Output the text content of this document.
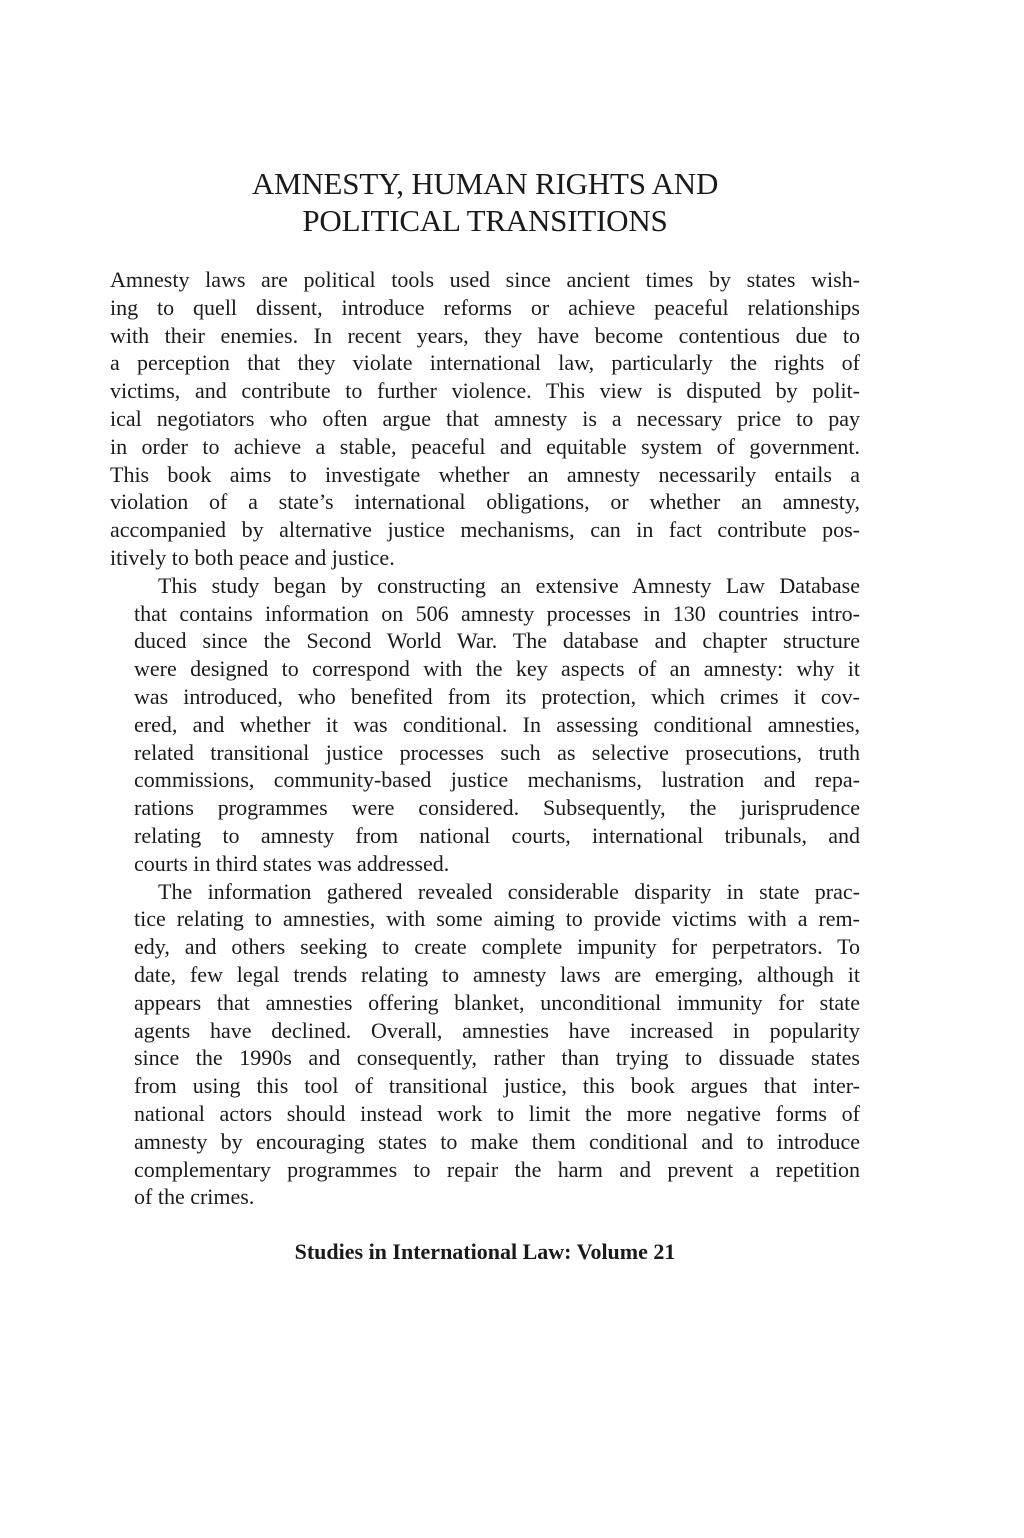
AMNESTY, HUMAN RIGHTS AND
POLITICAL TRANSITIONS

Amnesty laws are political tools used since ancient times by states wish-
ing to quell dissent, introduce reforms or achieve peaceful relationships
with their enemies. In recent years, they have become contentious due to
a perception that they violate international law, particularly the rights of
victims, and contribute to further violence. This view is disputed by polit-
ical negotiators who often argue that amnesty is a necessary price to pay
in order to achieve a stable, peaceful and equitable system of government.
This book aims to investigate whether an amnesty necessarily entails a
violation of a state’s international obligations, or whether an amnesty,
accompanied by alternative justice mechanisms, can in fact contribute pos-
itively to both peace and justice.

This study began by constructing an extensive Amnesty Law Database
that contains information on 506 amnesty processes in 130 countries intro-
duced since the Second World War. The database and chapter structure
were designed to correspond with the key aspects of an amnesty: why it
was introduced, who benefited from its protection, which crimes it cov-
ered, and whether it was conditional. In assessing conditional amnesties,
related transitional justice processes such as selective prosecutions, truth
commissions, community-based justice mechanisms, lustration and repa-
rations programmes were considered. Subsequently, the jurisprudence
relating to amnesty from national courts, international tribunals, and
courts in third states was addressed.

The information gathered revealed considerable disparity in state prac-
tice relating to amnesties, with some aiming to provide victims with a rem-
edy, and others seeking to create complete impunity for perpetrators. To
date, few legal trends relating to amnesty laws are emerging, although it
appears that amnesties offering blanket, unconditional immunity for state
agents have declined. Overall, amnesties have increased in popularity
since the 1990s and consequently, rather than trying to dissuade states
from using this tool of transitional justice, this book argues that inter-
national actors should instead work to limit the more negative forms of
amnesty by encouraging states to make them conditional and to introduce
complementary programmes to repair the harm and prevent a repetition
of the crimes.

Studies in International Law: Volume 21
